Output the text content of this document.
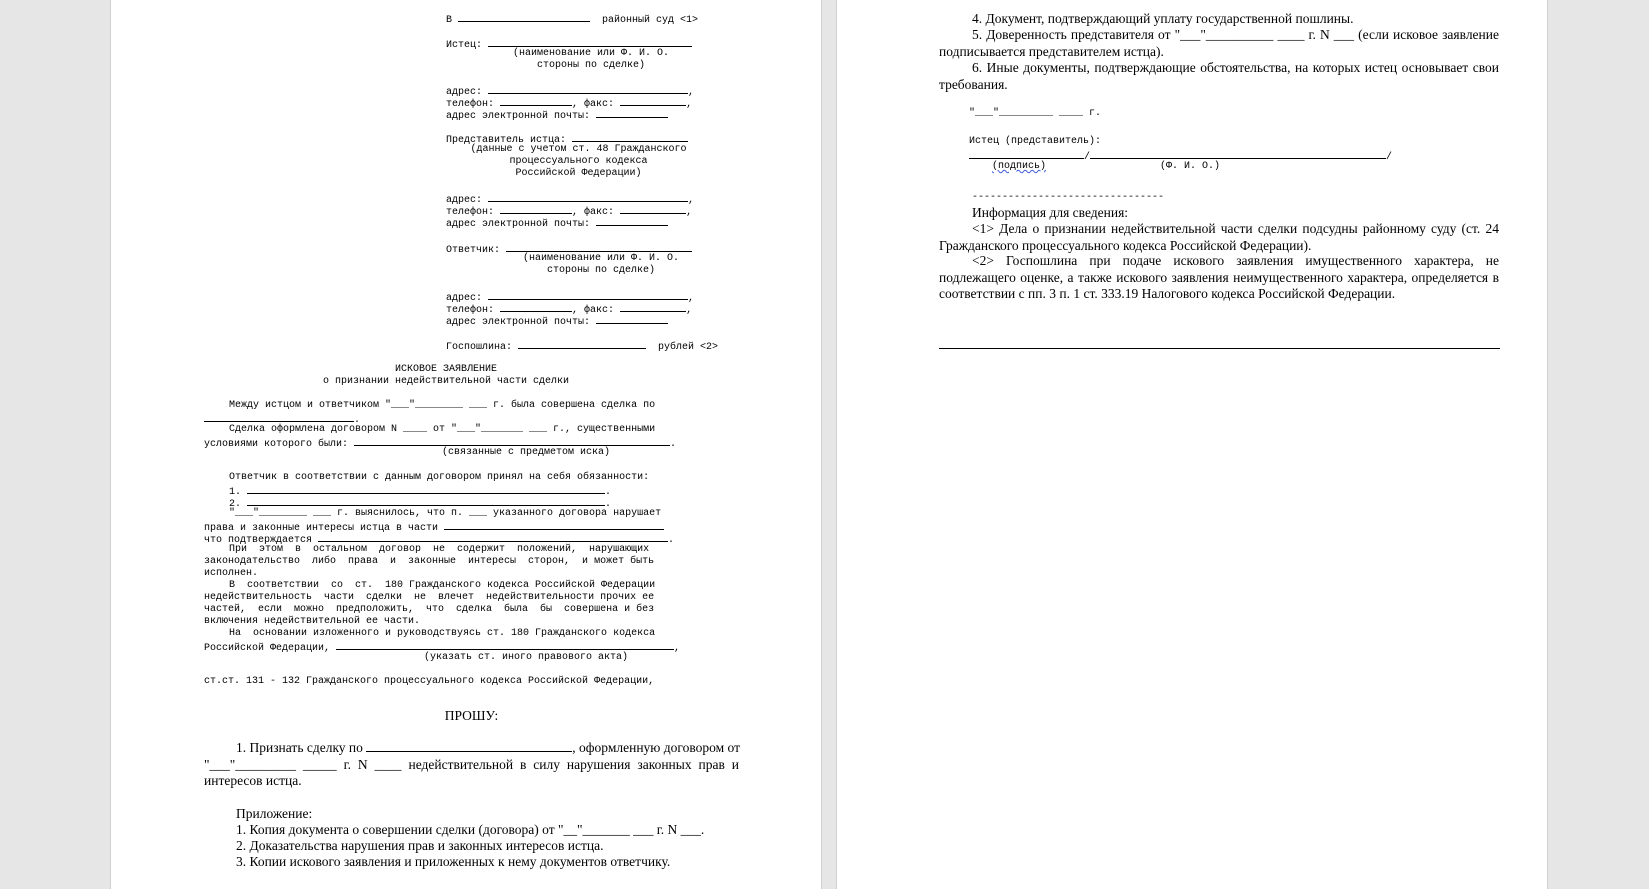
В	районный суд <1>
Истец:
(наименование или Ф. И. О.
стороны по сделке)
адрес:	,
телефон:	, факс:	,
адрес электронной почты:
Представитель истца:
(данные с учетом ст. 48 Гражданского
процессуального кодекса
Российской Федерации)
адрес:	,
телефон:	, факс:	,
адрес электронной почты:
Ответчик:
(наименование или Ф. И. О.
стороны по сделке)
адрес:	,
телефон:	, факс:	,
адрес электронной почты:
Госпошлина:	рублей <2>
ИСКОВОЕ ЗАЯВЛЕНИЕ
о признании недействительной части сделки
Между истцом и ответчиком "___"________ ___ г. была совершена сделка по
.
Сделка оформлена договором N ____ от "___"_______ ___ г., существенными
условиями которого были:	.
(связанные с предметом иска)
Ответчик в соответствии с данным договором принял на себя обязанности:
1.	.
2.	.
"___"________ ___ г. выяснилось, что п. ___ указанного договора нарушает
права и законные интересы истца в части
что подтверждается	.
При  этом  в  остальном  договор  не  содержит  положений,  нарушающих
законодательство  либо  права  и  законные  интересы  сторон,  и может быть
исполнен.
В  соответствии  со  ст.  180 Гражданского кодекса Российской Федерации
недействительность  части  сделки  не  влечет  недействительности прочих ее
частей,  если  можно  предположить,  что  сделка  была  бы  совершена и без
включения недействительной ее части.
На  основании изложенного и руководствуясь ст. 180 Гражданского кодекса
Российской Федерации,	,
(указать ст. иного правового акта)
ст.ст. 131 - 132 Гражданского процессуального кодекса Российской Федерации,
ПРОШУ:
1. Признать сделку по	, оформленную договором от
"___"_________ _____ г. N ____ недействительной в силу нарушения законных прав и
интересов истца.
Приложение:
1. Копия документа о совершении сделки (договора) от "__"_______ ___ г. N ___.
2. Доказательства нарушения прав и законных интересов истца.
3. Копии искового заявления и приложенных к нему документов ответчику.
4. Документ, подтверждающий уплату государственной пошлины.
5. Доверенность представителя от "___"__________ ____ г. N ___ (если исковое заявление подписывается представителем истца).
6. Иные документы, подтверждающие обстоятельства, на которых истец основывает свои требования.
"___"_________ ____ г.
Истец (представитель):
/	/
(подпись)	(Ф. И. О.)
--------------------------------
Информация для сведения:
<1> Дела о признании недействительной части сделки подсудны районному суду (ст. 24 Гражданского процессуального кодекса Российской Федерации).
<2> Госпошлина при подаче искового заявления имущественного характера, не подлежащего оценке, а также искового заявления неимущественного характера, определяется в соответствии с пп. 3 п. 1 ст. 333.19 Налогового кодекса Российской Федерации.
